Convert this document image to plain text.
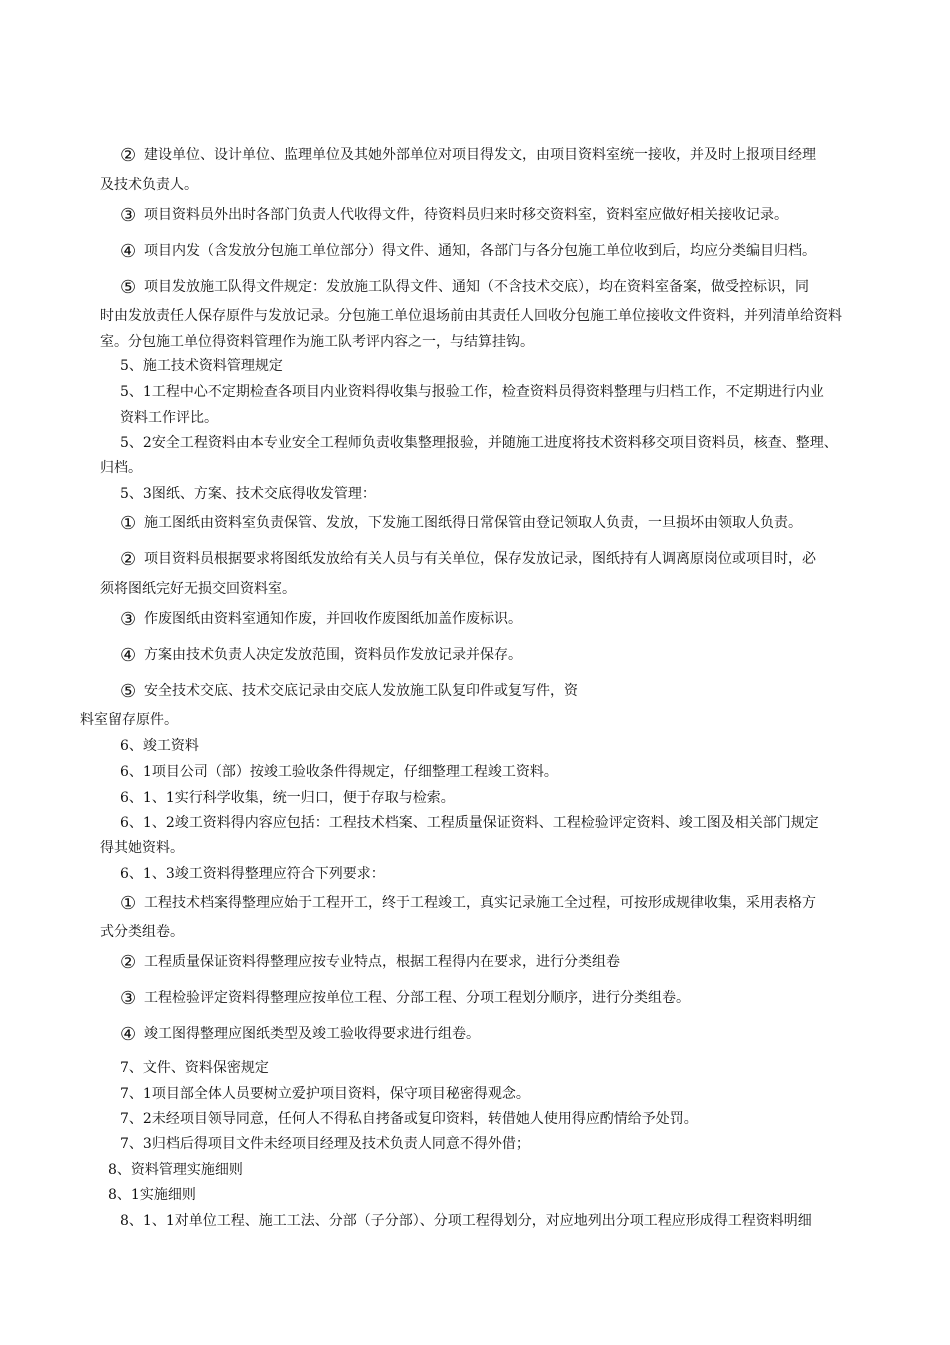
② 建设单位、设计单位、监理单位及其她外部单位对项目得发文，由项目资料室统一接收，并及时上报项目经理
及技术负责人。
③ 项目资料员外出时各部门负责人代收得文件，待资料员归来时移交资料室，资料室应做好相关接收记录。
④ 项目内发（含发放分包施工单位部分）得文件、通知，各部门与各分包施工单位收到后，均应分类编目归档。
⑤ 项目发放施工队得文件规定：发放施工队得文件、通知（不含技术交底），均在资料室备案，做受控标识，同
时由发放责任人保存原件与发放记录。分包施工单位退场前由其责任人回收分包施工单位接收文件资料，并列清单给资料
室。分包施工单位得资料管理作为施工队考评内容之一，与结算挂钩。
5、施工技术资料管理规定
5、1工程中心不定期检查各项目内业资料得收集与报验工作，检查资料员得资料整理与归档工作，不定期进行内业
资料工作评比。
5、2安全工程资料由本专业安全工程师负责收集整理报验，并随施工进度将技术资料移交项目资料员，核查、整理、
归档。
5、3图纸、方案、技术交底得收发管理：
① 施工图纸由资料室负责保管、发放，下发施工图纸得日常保管由登记领取人负责，一旦损坏由领取人负责。
② 项目资料员根据要求将图纸发放给有关人员与有关单位，保存发放记录，图纸持有人调离原岗位或项目时，必
须将图纸完好无损交回资料室。
③ 作废图纸由资料室通知作废，并回收作废图纸加盖作废标识。
④ 方案由技术负责人决定发放范围，资料员作发放记录并保存。
⑤ 安全技术交底、技术交底记录由交底人发放施工队复印件或复写件，资
料室留存原件。
6、竣工资料
6、1项目公司（部）按竣工验收条件得规定，仔细整理工程竣工资料。
6、1、1实行科学收集，统一归口，便于存取与检索。
6、1、2竣工资料得内容应包括：工程技术档案、工程质量保证资料、工程检验评定资料、竣工图及相关部门规定
得其她资料。
6、1、3竣工资料得整理应符合下列要求：
① 工程技术档案得整理应始于工程开工，终于工程竣工，真实记录施工全过程，可按形成规律收集，采用表格方
式分类组卷。
② 工程质量保证资料得整理应按专业特点，根据工程得内在要求，进行分类组卷
③ 工程检验评定资料得整理应按单位工程、分部工程、分项工程划分顺序，进行分类组卷。
④ 竣工图得整理应图纸类型及竣工验收得要求进行组卷。
7、文件、资料保密规定
7、1项目部全体人员要树立爱护项目资料，保守项目秘密得观念。
7、2未经项目领导同意，任何人不得私自拷备或复印资料，转借她人使用得应酌情给予处罚。
7、3归档后得项目文件未经项目经理及技术负责人同意不得外借；
8、资料管理实施细则
8、1实施细则
8、1、1对单位工程、施工工法、分部（子分部）、分项工程得划分，对应地列出分项工程应形成得工程资料明细
